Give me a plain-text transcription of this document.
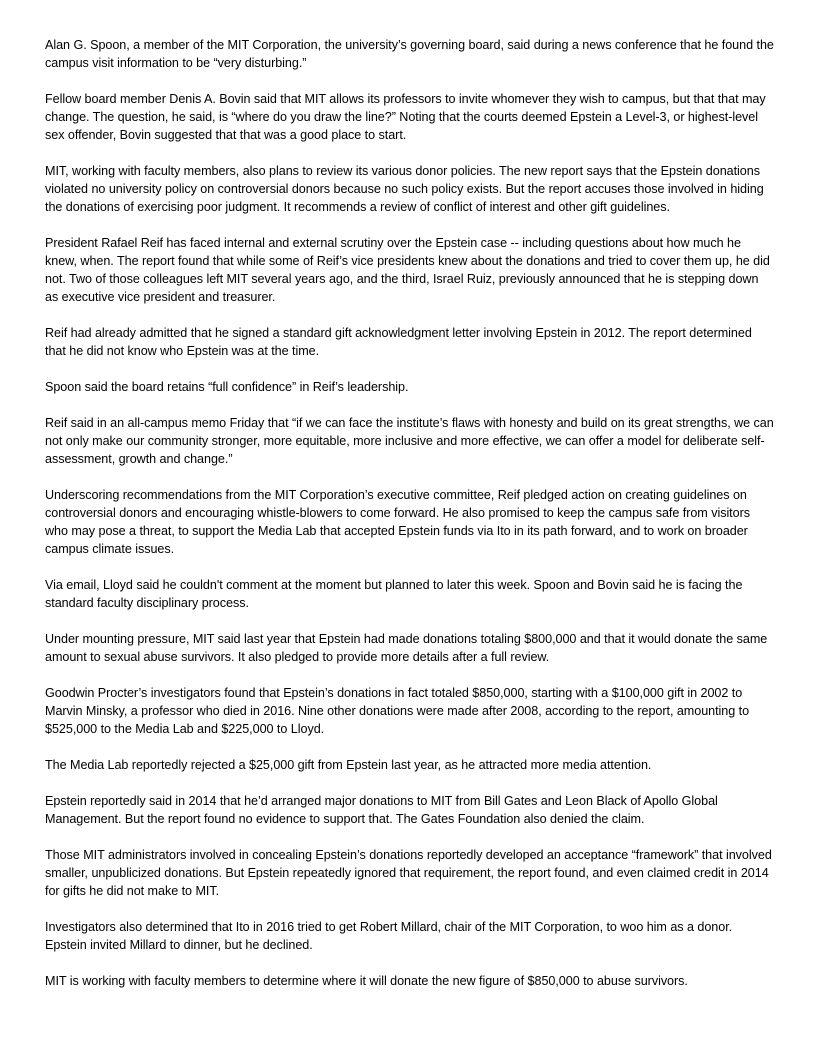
Alan G. Spoon, a member of the MIT Corporation, the university’s governing board, said during a news conference that he found the campus visit information to be “very disturbing.”

Fellow board member Denis A. Bovin said that MIT allows its professors to invite whomever they wish to campus, but that that may change. The question, he said, is “where do you draw the line?” Noting that the courts deemed Epstein a Level-3, or highest-level sex offender, Bovin suggested that that was a good place to start.

MIT, working with faculty members, also plans to review its various donor policies. The new report says that the Epstein donations violated no university policy on controversial donors because no such policy exists. But the report accuses those involved in hiding the donations of exercising poor judgment. It recommends a review of conflict of interest and other gift guidelines.

President Rafael Reif has faced internal and external scrutiny over the Epstein case -- including questions about how much he knew, when. The report found that while some of Reif’s vice presidents knew about the donations and tried to cover them up, he did not. Two of those colleagues left MIT several years ago, and the third, Israel Ruiz, previously announced that he is stepping down as executive vice president and treasurer.

Reif had already admitted that he signed a standard gift acknowledgment letter involving Epstein in 2012. The report determined that he did not know who Epstein was at the time.

Spoon said the board retains “full confidence” in Reif’s leadership.

Reif said in an all-campus memo Friday that “if we can face the institute’s flaws with honesty and build on its great strengths, we can not only make our community stronger, more equitable, more inclusive and more effective, we can offer a model for deliberate self-assessment, growth and change.”

Underscoring recommendations from the MIT Corporation’s executive committee, Reif pledged action on creating guidelines on controversial donors and encouraging whistle-blowers to come forward. He also promised to keep the campus safe from visitors who may pose a threat, to support the Media Lab that accepted Epstein funds via Ito in its path forward, and to work on broader campus climate issues.

Via email, Lloyd said he couldn't comment at the moment but planned to later this week. Spoon and Bovin said he is facing the standard faculty disciplinary process.

Under mounting pressure, MIT said last year that Epstein had made donations totaling $800,000 and that it would donate the same amount to sexual abuse survivors. It also pledged to provide more details after a full review.

Goodwin Procter’s investigators found that Epstein’s donations in fact totaled $850,000, starting with a $100,000 gift in 2002 to Marvin Minsky, a professor who died in 2016. Nine other donations were made after 2008, according to the report, amounting to $525,000 to the Media Lab and $225,000 to Lloyd.

The Media Lab reportedly rejected a $25,000 gift from Epstein last year, as he attracted more media attention.

Epstein reportedly said in 2014 that he’d arranged major donations to MIT from Bill Gates and Leon Black of Apollo Global Management. But the report found no evidence to support that. The Gates Foundation also denied the claim.

Those MIT administrators involved in concealing Epstein’s donations reportedly developed an acceptance “framework” that involved smaller, unpublicized donations. But Epstein repeatedly ignored that requirement, the report found, and even claimed credit in 2014 for gifts he did not make to MIT.

Investigators also determined that Ito in 2016 tried to get Robert Millard, chair of the MIT Corporation, to woo him as a donor. Epstein invited Millard to dinner, but he declined.

MIT is working with faculty members to determine where it will donate the new figure of $850,000 to abuse survivors.
